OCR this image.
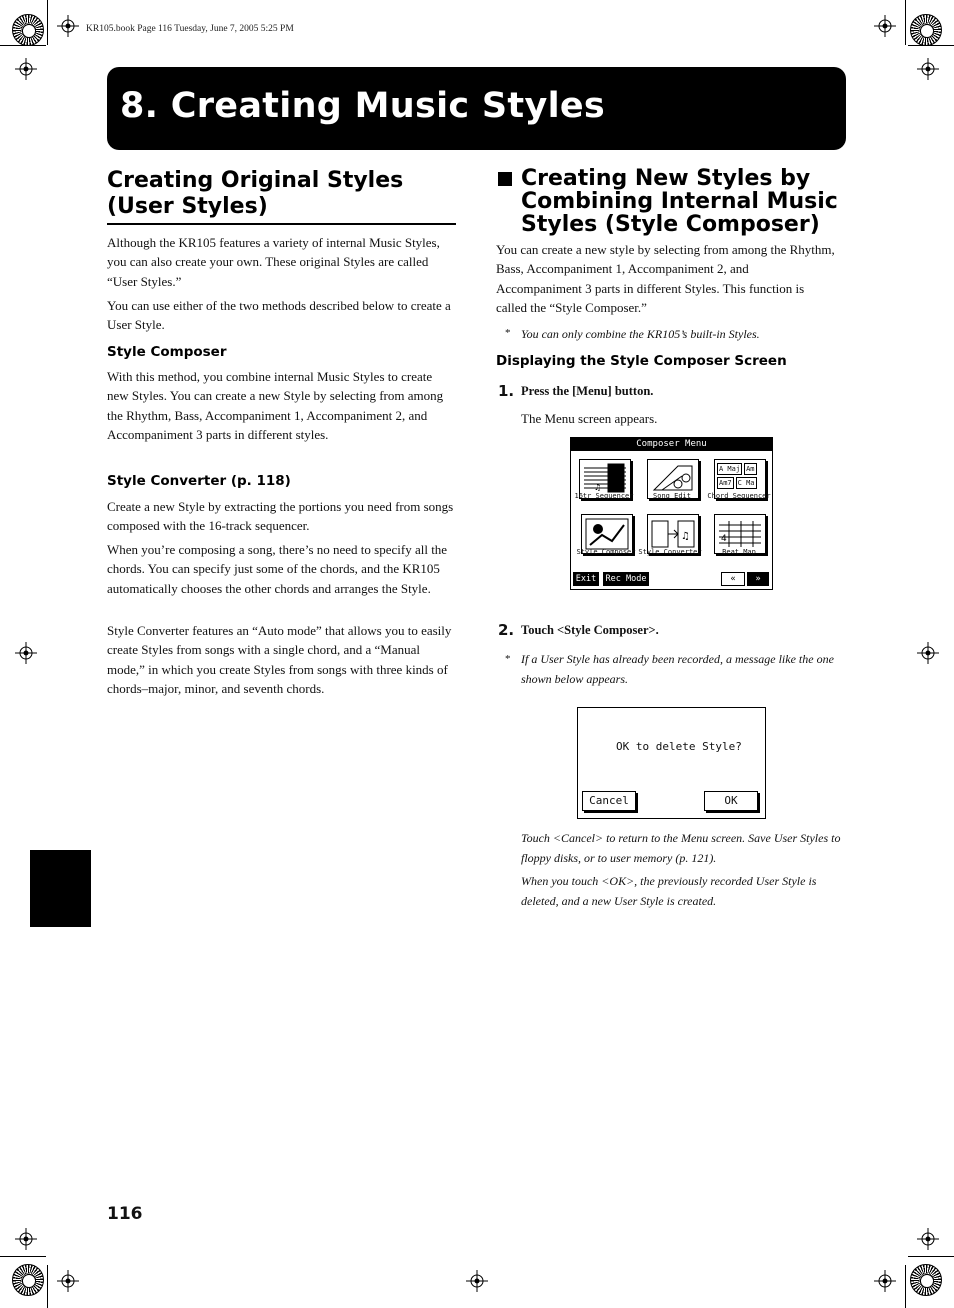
KR105.book Page 116 Tuesday, June 7, 2005 5:25 PM
8. Creating Music Styles
Creating Original Styles
(User Styles)

Although the KR105 features a variety of internal Music Styles, you can also create your own. These original Styles are called “User Styles.”

You can use either of the two methods described below to create a User Style.

Style Composer

With this method, you combine internal Music Styles to create new Styles. You can create a new Style by selecting from among the Rhythm, Bass, Accompaniment 1, Accompaniment 2, and Accompaniment 3 parts in different styles.

Style Converter (p. 118)

Create a new Style by extracting the portions you need from songs composed with the 16-track sequencer.

When you’re composing a song, there’s no need to specify all the chords. You can specify just some of the chords, and the KR105 automatically chooses the other chords and arranges the Style.

Style Converter features an “Auto mode” that allows you to easily create Styles from songs with a single chord, and a “Manual mode,” in which you create Styles from songs with three kinds of chords–major, minor, and seventh chords.

Creating New Styles by
Combining Internal Music
Styles (Style Composer)

You can create a new style by selecting from among the Rhythm, Bass, Accompaniment 1, Accompaniment 2, and Accompaniment 3 parts in different Styles. This function is called the “Style Composer.”

* You can only combine the KR105’s built-in Styles.

Displaying the Style Composer Screen
1. Press the [Menu] button.

The Menu screen appears.

Composer Menu
♫
16tr Sequencer	Song Edit
A Maj Am
Am7 C Ma
Chord Sequencer
Style Composer
♫
Style Converter
4
Beat Map
Exit	Rec Mode	«	»
2. Touch <Style Composer>.
* If a User Style has already been recorded, a message like the one shown below appears.

OK to delete Style?
Cancel	OK

Touch <Cancel> to return to the Menu screen. Save User Styles to floppy disks, or to user memory (p. 121).

When you touch <OK>, the previously recorded User Style is deleted, and a new User Style is created.

116
